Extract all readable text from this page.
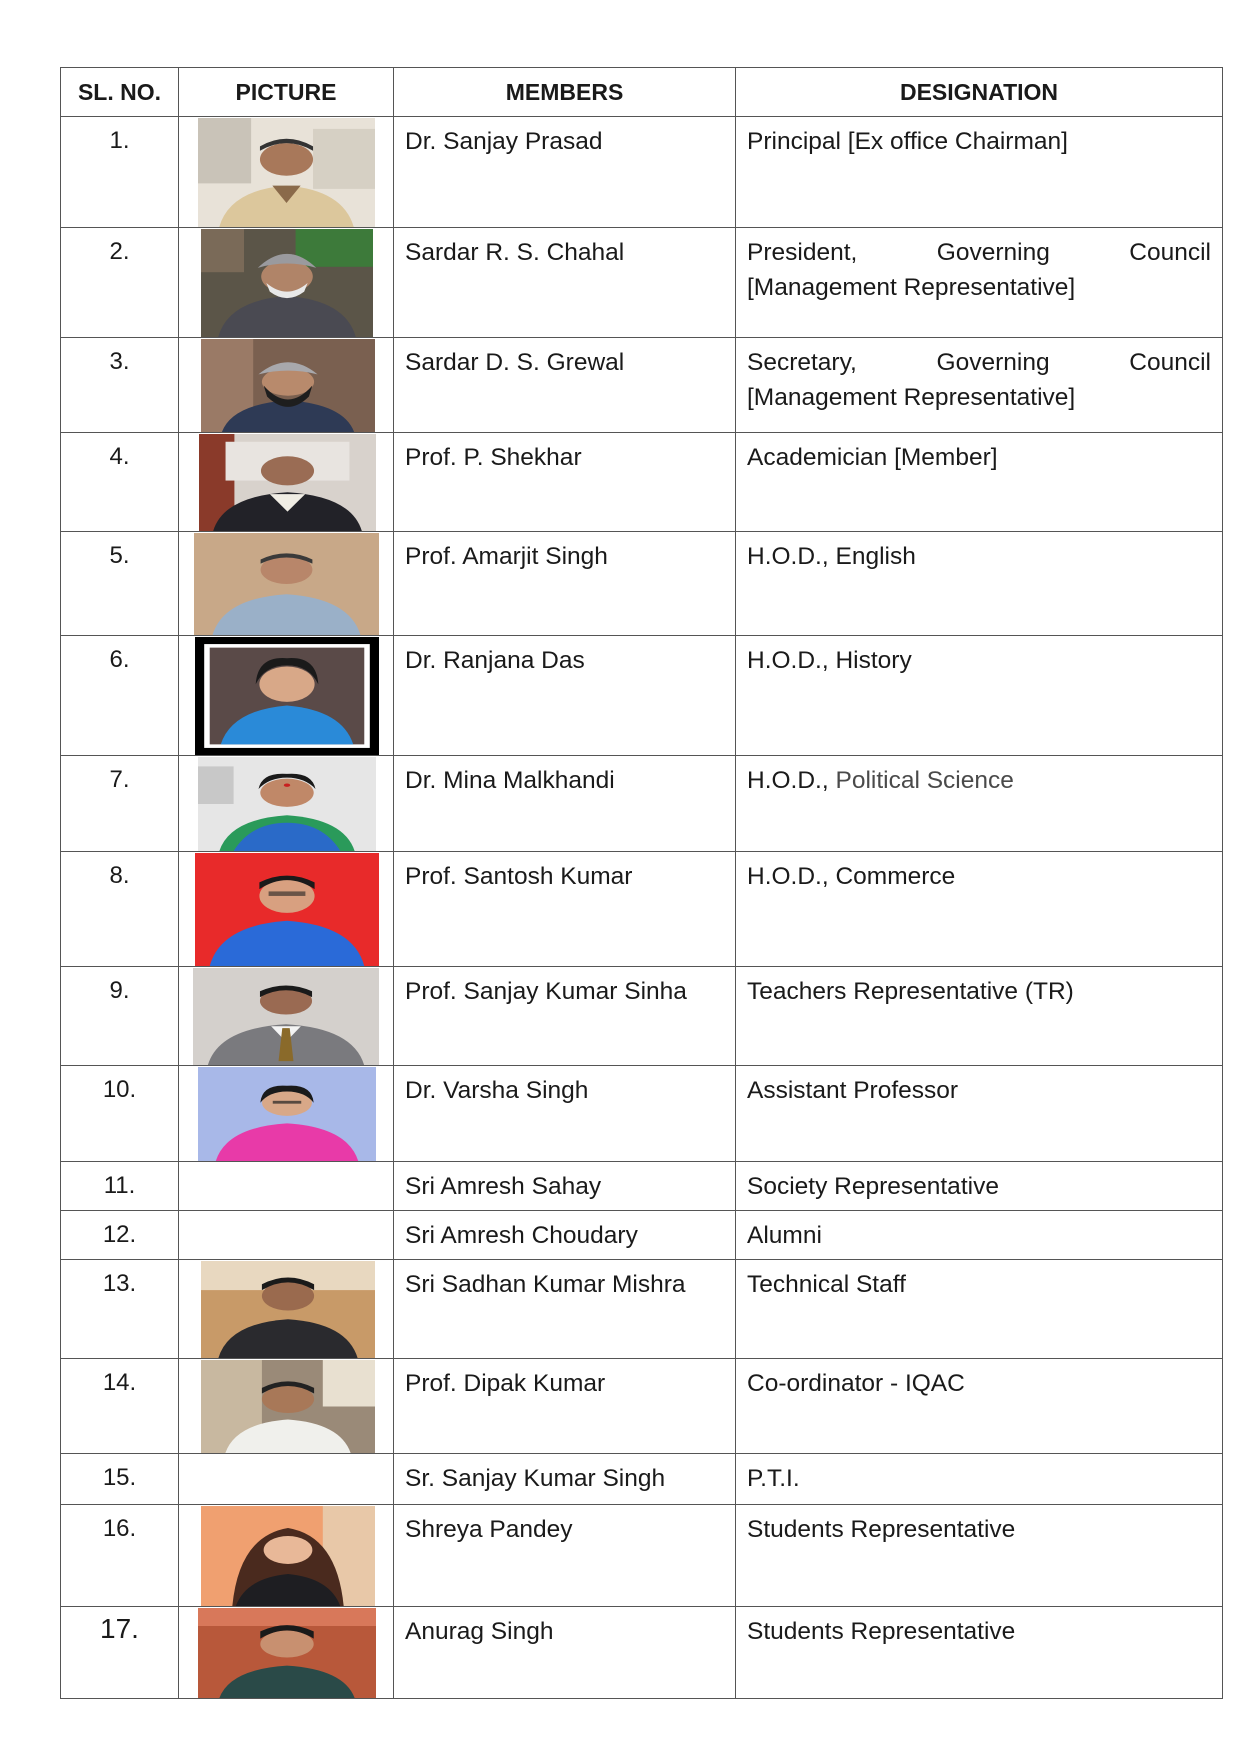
SL. NO.	PICTURE	MEMBERS	DESIGNATION
1.		Dr. Sanjay Prasad	Principal [Ex office Chairman]
2.		Sardar R. S. Chahal	President, Governing Council [Management Representative]
3.		Sardar D. S. Grewal	Secretary, Governing Council [Management Representative]
4.		Prof. P. Shekhar	Academician [Member]
5.		Prof. Amarjit Singh	H.O.D., English
6.		Dr. Ranjana Das	H.O.D., History
7.		Dr. Mina Malkhandi	H.O.D., Political Science
8.		Prof. Santosh Kumar	H.O.D., Commerce
9.		Prof. Sanjay Kumar Sinha	Teachers Representative (TR)
10.		Dr. Varsha Singh	Assistant Professor
11.		Sri Amresh Sahay	Society Representative
12.		Sri Amresh Choudary	Alumni
13.		Sri Sadhan Kumar Mishra	Technical Staff
14.		Prof. Dipak Kumar	Co-ordinator - IQAC
15.		Sr. Sanjay Kumar Singh	P.T.I.
16.		Shreya Pandey	Students Representative
17.		Anurag Singh	Students Representative
